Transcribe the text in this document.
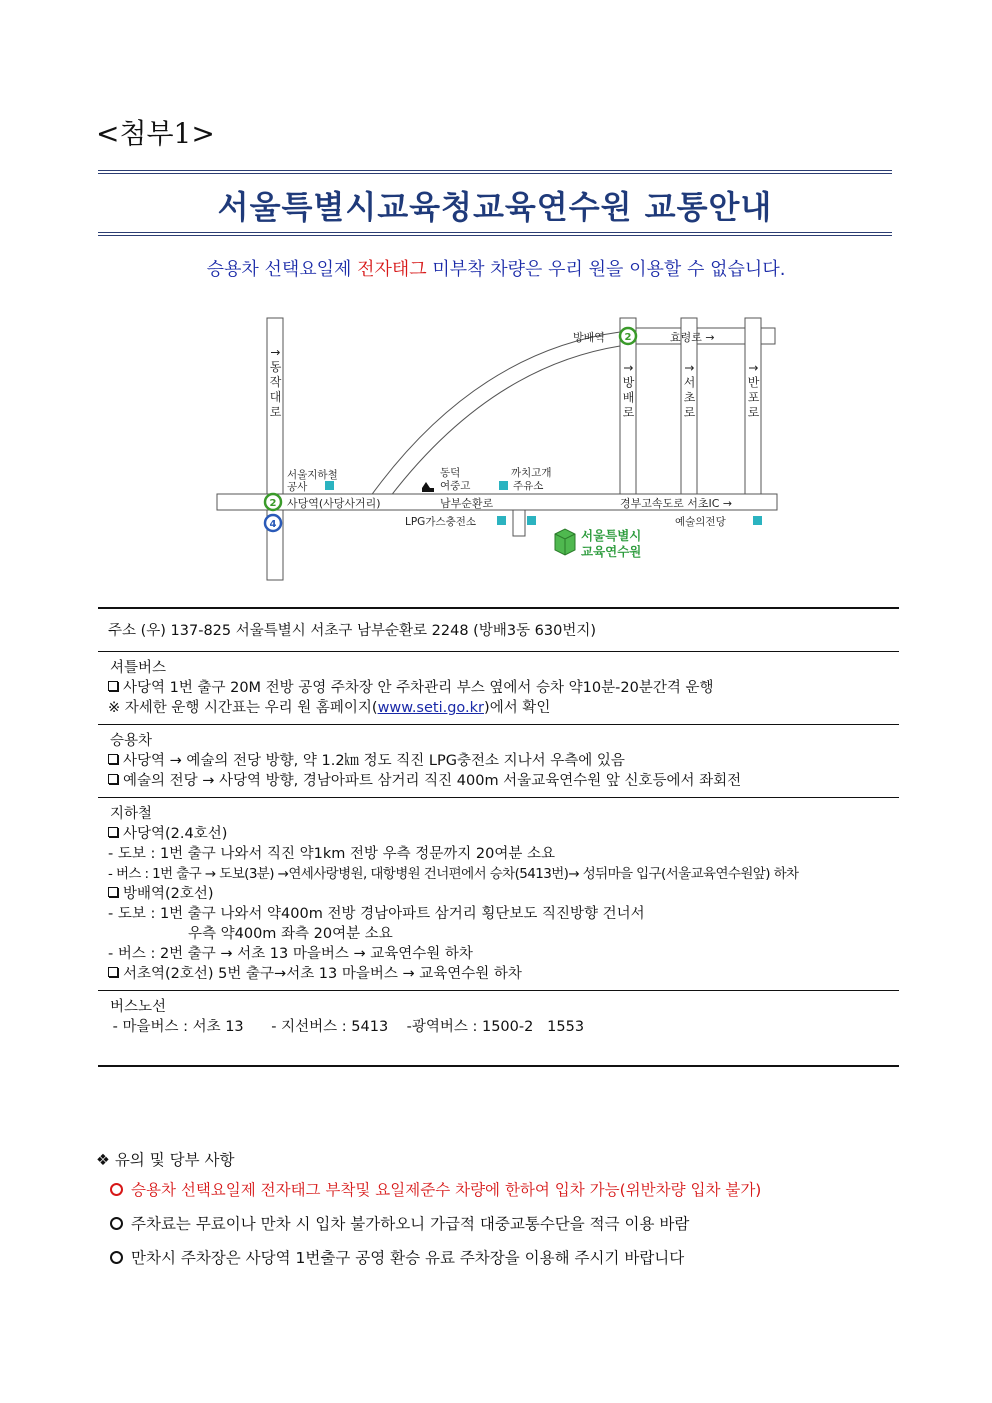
<첨부1>
서울특별시교육청교육연수원 교통안내
승용차 선택요일제 전자태그 미부착 차량은 우리 원을 이용할 수 없습니다.
↑동작대로	↑방배로	↑서초로	↑반포로
방배역 2	효령로 →
서울지하철
공사
동덕
여중고
까치고개
주유소
2
4
사당역(사당사거리)	남부순환로	경부고속도로 서초IC →
LPG가스충전소	예술의전당
서울특별시
교육연수원
주소 (우) 137-825 서울특별시 서초구 남부순환로 2248 (방배3동 630번지)
셔틀버스
사당역 1번 출구 20M 전방 공영 주차장 안 주차관리 부스 옆에서 승차 약10분-20분간격 운행
※ 자세한 운행 시간표는 우리 원 홈페이지(www.seti.go.kr)에서 확인
승용차
사당역 → 예술의 전당 방향, 약 1.2㎞ 정도 직진 LPG충전소 지나서 우측에 있음
예술의 전당 → 사당역 방향, 경남아파트 삼거리 직진 400m 서울교육연수원 앞 신호등에서 좌회전
지하철
사당역(2.4호선)
- 도보 : 1번 출구 나와서 직진 약1km 전방 우측 정문까지 20여분 소요
- 버스 : 1번 출구 → 도보(3분) →연세사랑병원, 대항병원 건너편에서 승차(5413번)→ 성뒤마을 입구(서울교육연수원앞) 하차
방배역(2호선)
- 도보 : 1번 출구 나와서 약400m 전방 경남아파트 삼거리 횡단보도 직진방향 건너서
우측 약400m 좌측 20여분 소요
- 버스 : 2번 출구 → 서초 13 마을버스 → 교육연수원 하차
서초역(2호선) 5번 출구→서초 13 마을버스 → 교육연수원 하차
버스노선
- 마을버스 : 서초 13      - 지선버스 : 5413    -광역버스 : 1500-2   1553
❖ 유의 및 당부 사항
승용차 선택요일제 전자태그 부착및 요일제준수 차량에 한하여 입차 가능(위반차량 입차 불가)
주차료는 무료이나 만차 시 입차 불가하오니 가급적 대중교통수단을 적극 이용 바람
만차시 주차장은 사당역 1번출구 공영 환승 유료 주차장을 이용해 주시기 바랍니다
